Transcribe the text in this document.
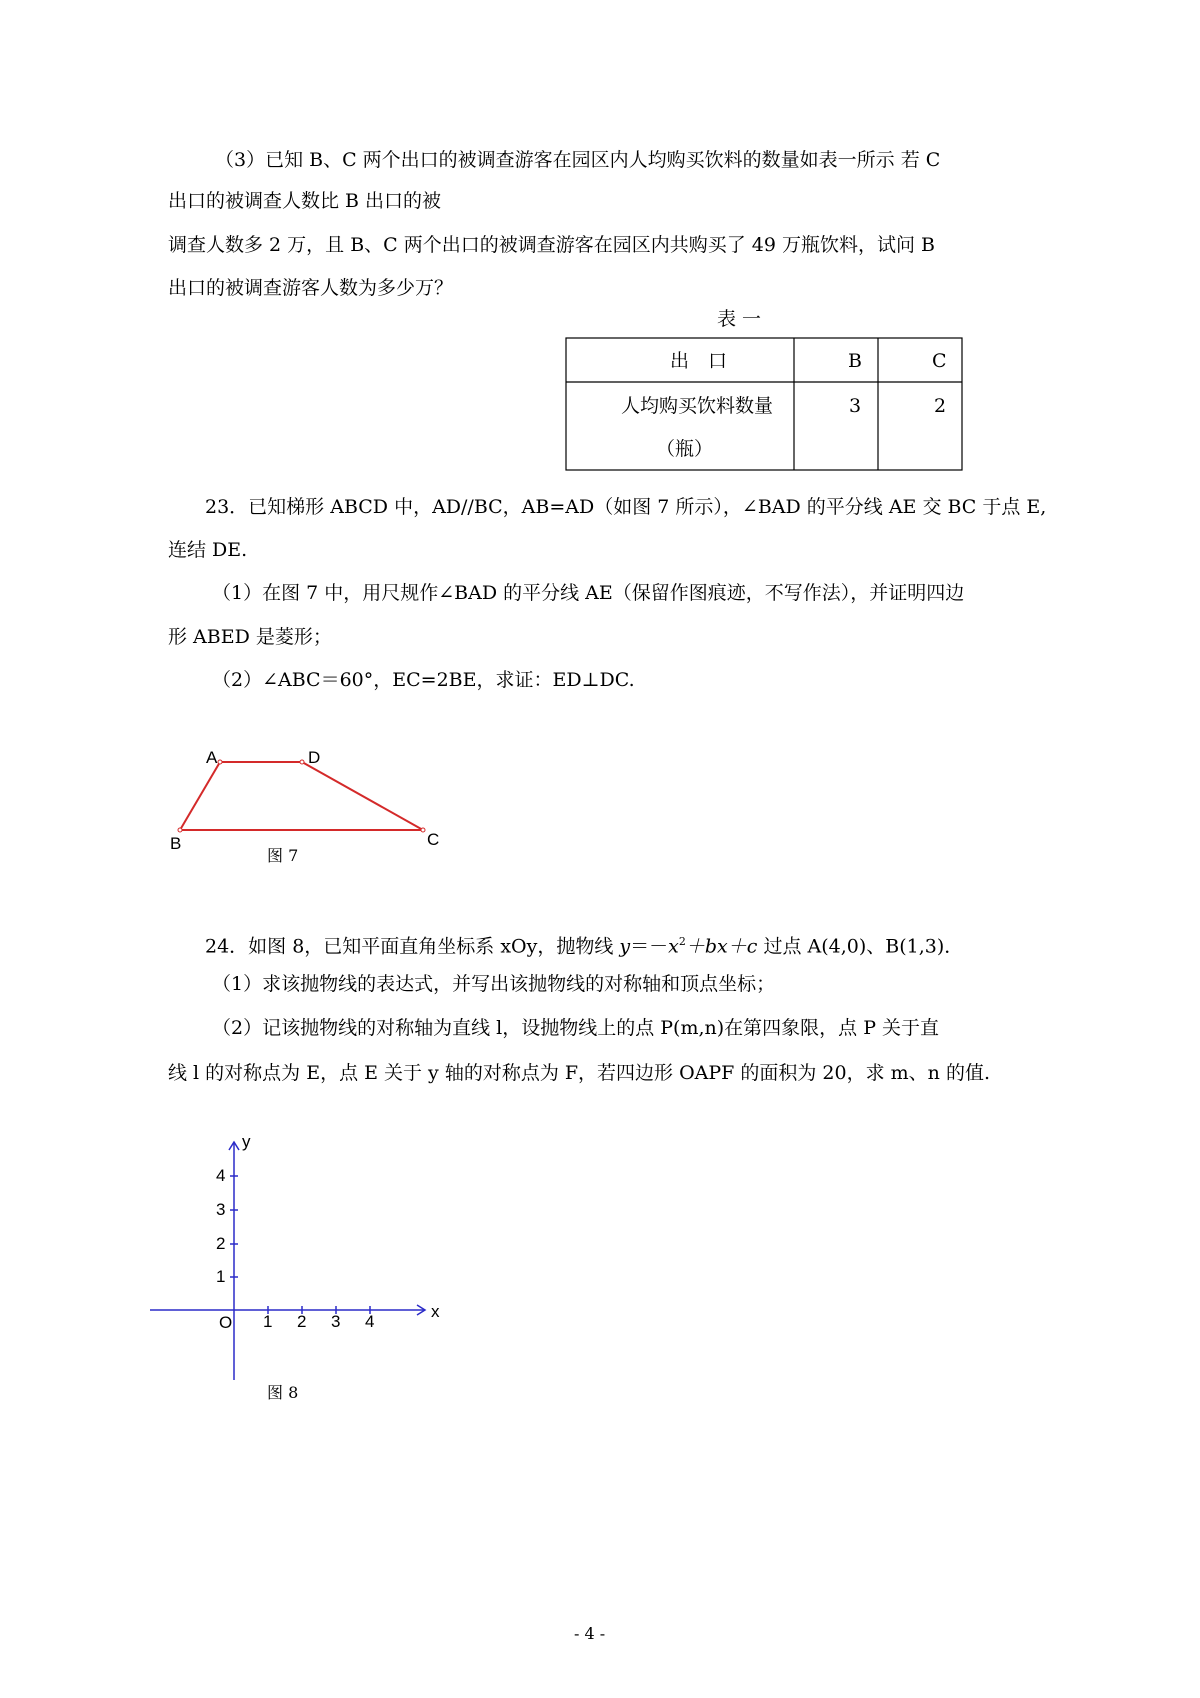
（3）已知 B、C 两个出口的被调查游客在园区内人均购买饮料的数量如表一所示 若 C
出口的被调查人数比 B 出口的被
调查人数多 2 万，且 B、C 两个出口的被调查游客在园区内共购买了 49 万瓶饮料，试问 B
出口的被调查游客人数为多少万？
表 一
出　口	B	C
人均购买饮料数量
（瓶）
3	2
23．已知梯形 ABCD 中，AD//BC，AB=AD（如图 7 所示），∠BAD 的平分线 AE 交 BC 于点 E,
连结 DE.
（1）在图 7 中，用尺规作∠BAD 的平分线 AE（保留作图痕迹，不写作法），并证明四边
形 ABED 是菱形；
（2）∠ABC＝60°，EC=2BE，求证：ED⊥DC.
A	D
B	C
图 7
24．如图 8，已知平面直角坐标系 xOy，抛物线 $y=-x^2+bx+c$ 过点 A(4,0)、B(1,3)．
（1）求该抛物线的表达式，并写出该抛物线的对称轴和顶点坐标；
（2）记该抛物线的对称轴为直线 l，设抛物线上的点 P(m,n)在第四象限，点 P 关于直
线 l 的对称点为 E，点 E 关于 y 轴的对称点为 F，若四边形 OAPF 的面积为 20，求 m、n 的值.
y
x
O
4
3
2
1
1 2 3 4
图 8
- 4 -
